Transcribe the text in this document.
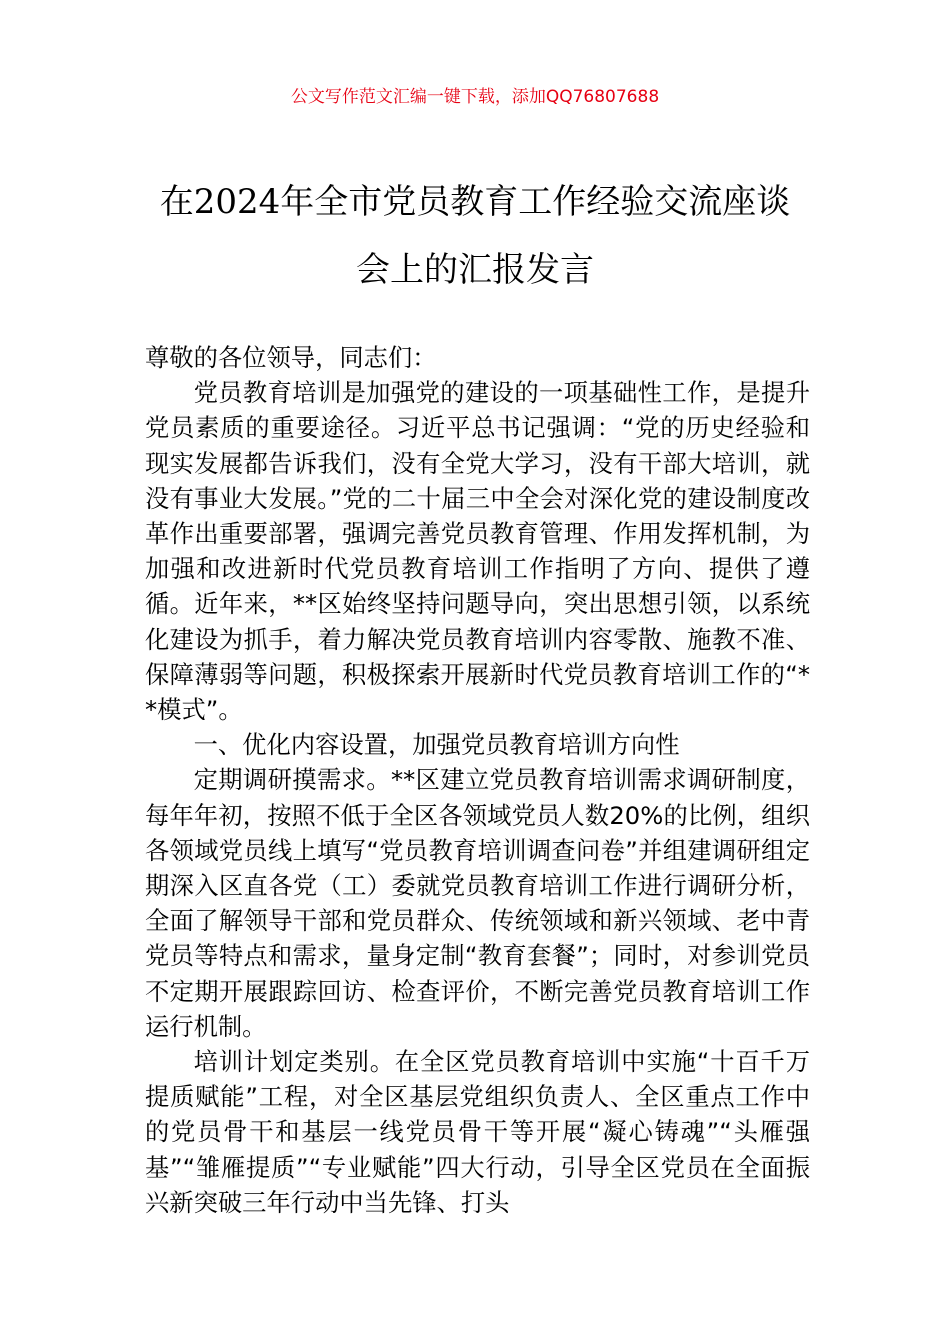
公文写作范文汇编一键下载，添加QQ76807688
在2024年全市党员教育工作经验交流座谈
会上的汇报发言

尊敬的各位领导，同志们：

党员教育培训是加强党的建设的一项基础性工作，是提升党员素质的重要途径。习近平总书记强调：“党的历史经验和现实发展都告诉我们，没有全党大学习，没有干部大培训，就没有事业大发展。”党的二十届三中全会对深化党的建设制度改革作出重要部署，强调完善党员教育管理、作用发挥机制，为加强和改进新时代党员教育培训工作指明了方向、提供了遵循。近年来，**区始终坚持问题导向，突出思想引领，以系统化建设为抓手，着力解决党员教育培训内容零散、施教不准、保障薄弱等问题，积极探索开展新时代党员教育培训工作的“**模式”。

一、优化内容设置，加强党员教育培训方向性

定期调研摸需求。**区建立党员教育培训需求调研制度，每年年初，按照不低于全区各领域党员人数20%的比例，组织各领域党员线上填写“党员教育培训调查问卷”并组建调研组定期深入区直各党（工）委就党员教育培训工作进行调研分析，全面了解领导干部和党员群众、传统领域和新兴领域、老中青党员等特点和需求，量身定制“教育套餐”；同时，对参训党员不定期开展跟踪回访、检查评价，不断完善党员教育培训工作运行机制。

培训计划定类别。在全区党员教育培训中实施“十百千万 提质赋能”工程，对全区基层党组织负责人、全区重点工作中的党员骨干和基层一线党员骨干等开展“凝心铸魂”“头雁强基”“雏雁提质”“专业赋能”四大行动，引导全区党员在全面振兴新突破三年行动中当先锋、打头
